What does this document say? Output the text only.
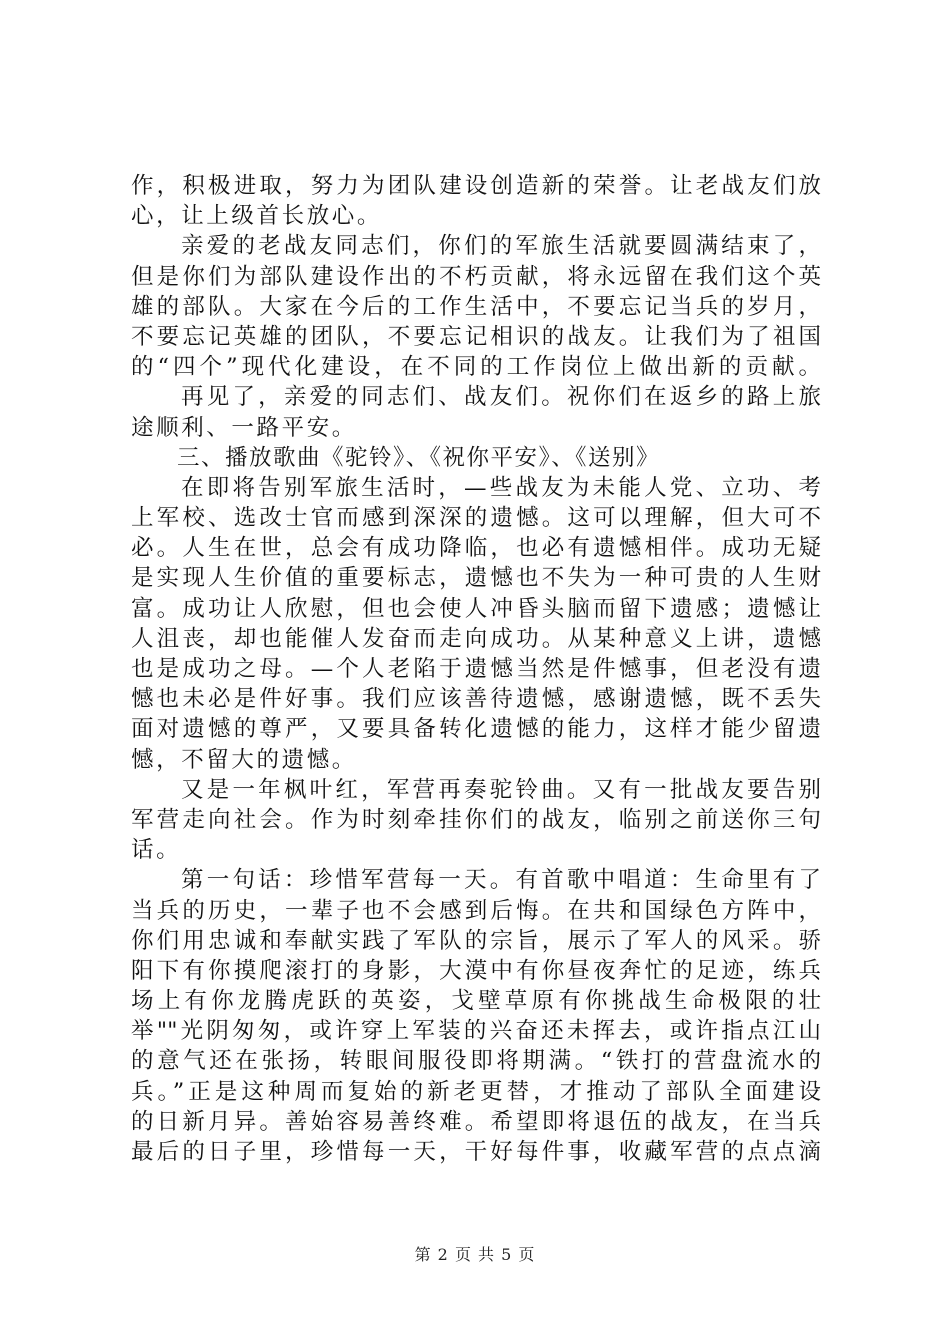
作，积极进取，努力为团队建设创造新的荣誉。让老战友们放
心，让上级首长放心。
亲爱的老战友同志们，你们的军旅生活就要圆满结束了，
但是你们为部队建设作出的不朽贡献，将永远留在我们这个英
雄的部队。大家在今后的工作生活中，不要忘记当兵的岁月，
不要忘记英雄的团队，不要忘记相识的战友。让我们为了祖国
的“四个”现代化建设，在不同的工作岗位上做出新的贡献。
再见了，亲爱的同志们、战友们。祝你们在返乡的路上旅
途顺利、一路平安。
三、播放歌曲《驼铃》、《祝你平安》、《送别》
在即将告别军旅生活时，—些战友为未能人党、立功、考
上军校、选改士官而感到深深的遗憾。这可以理解，但大可不
必。人生在世，总会有成功降临，也必有遗憾相伴。成功无疑
是实现人生价值的重要标志，遗憾也不失为一种可贵的人生财
富。成功让人欣慰，但也会使人冲昏头脑而留下遗感；遗憾让
人沮丧，却也能催人发奋而走向成功。从某种意义上讲，遗憾
也是成功之母。—个人老陷于遗憾当然是件憾事，但老没有遗
憾也未必是件好事。我们应该善待遗憾，感谢遗憾，既不丢失
面对遗憾的尊严，又要具备转化遗憾的能力，这样才能少留遗
憾，不留大的遗憾。
又是一年枫叶红，军营再奏驼铃曲。又有一批战友要告别
军营走向社会。作为时刻牵挂你们的战友，临别之前送你三句
话。
第一句话：珍惜军营每一天。有首歌中唱道：生命里有了
当兵的历史，一辈子也不会感到后悔。在共和国绿色方阵中，
你们用忠诚和奉献实践了军队的宗旨，展示了军人的风采。骄
阳下有你摸爬滚打的身影，大漠中有你昼夜奔忙的足迹，练兵
场上有你龙腾虎跃的英姿，戈壁草原有你挑战生命极限的壮
举""光阴匆匆，或许穿上军装的兴奋还未挥去，或许指点江山
的意气还在张扬，转眼间服役即将期满。“铁打的营盘流水的
兵。”正是这种周而复始的新老更替，才推动了部队全面建设
的日新月异。善始容易善终难。希望即将退伍的战友，在当兵
最后的日子里，珍惜每一天，干好每件事，收藏军营的点点滴
第 2 页 共 5 页
